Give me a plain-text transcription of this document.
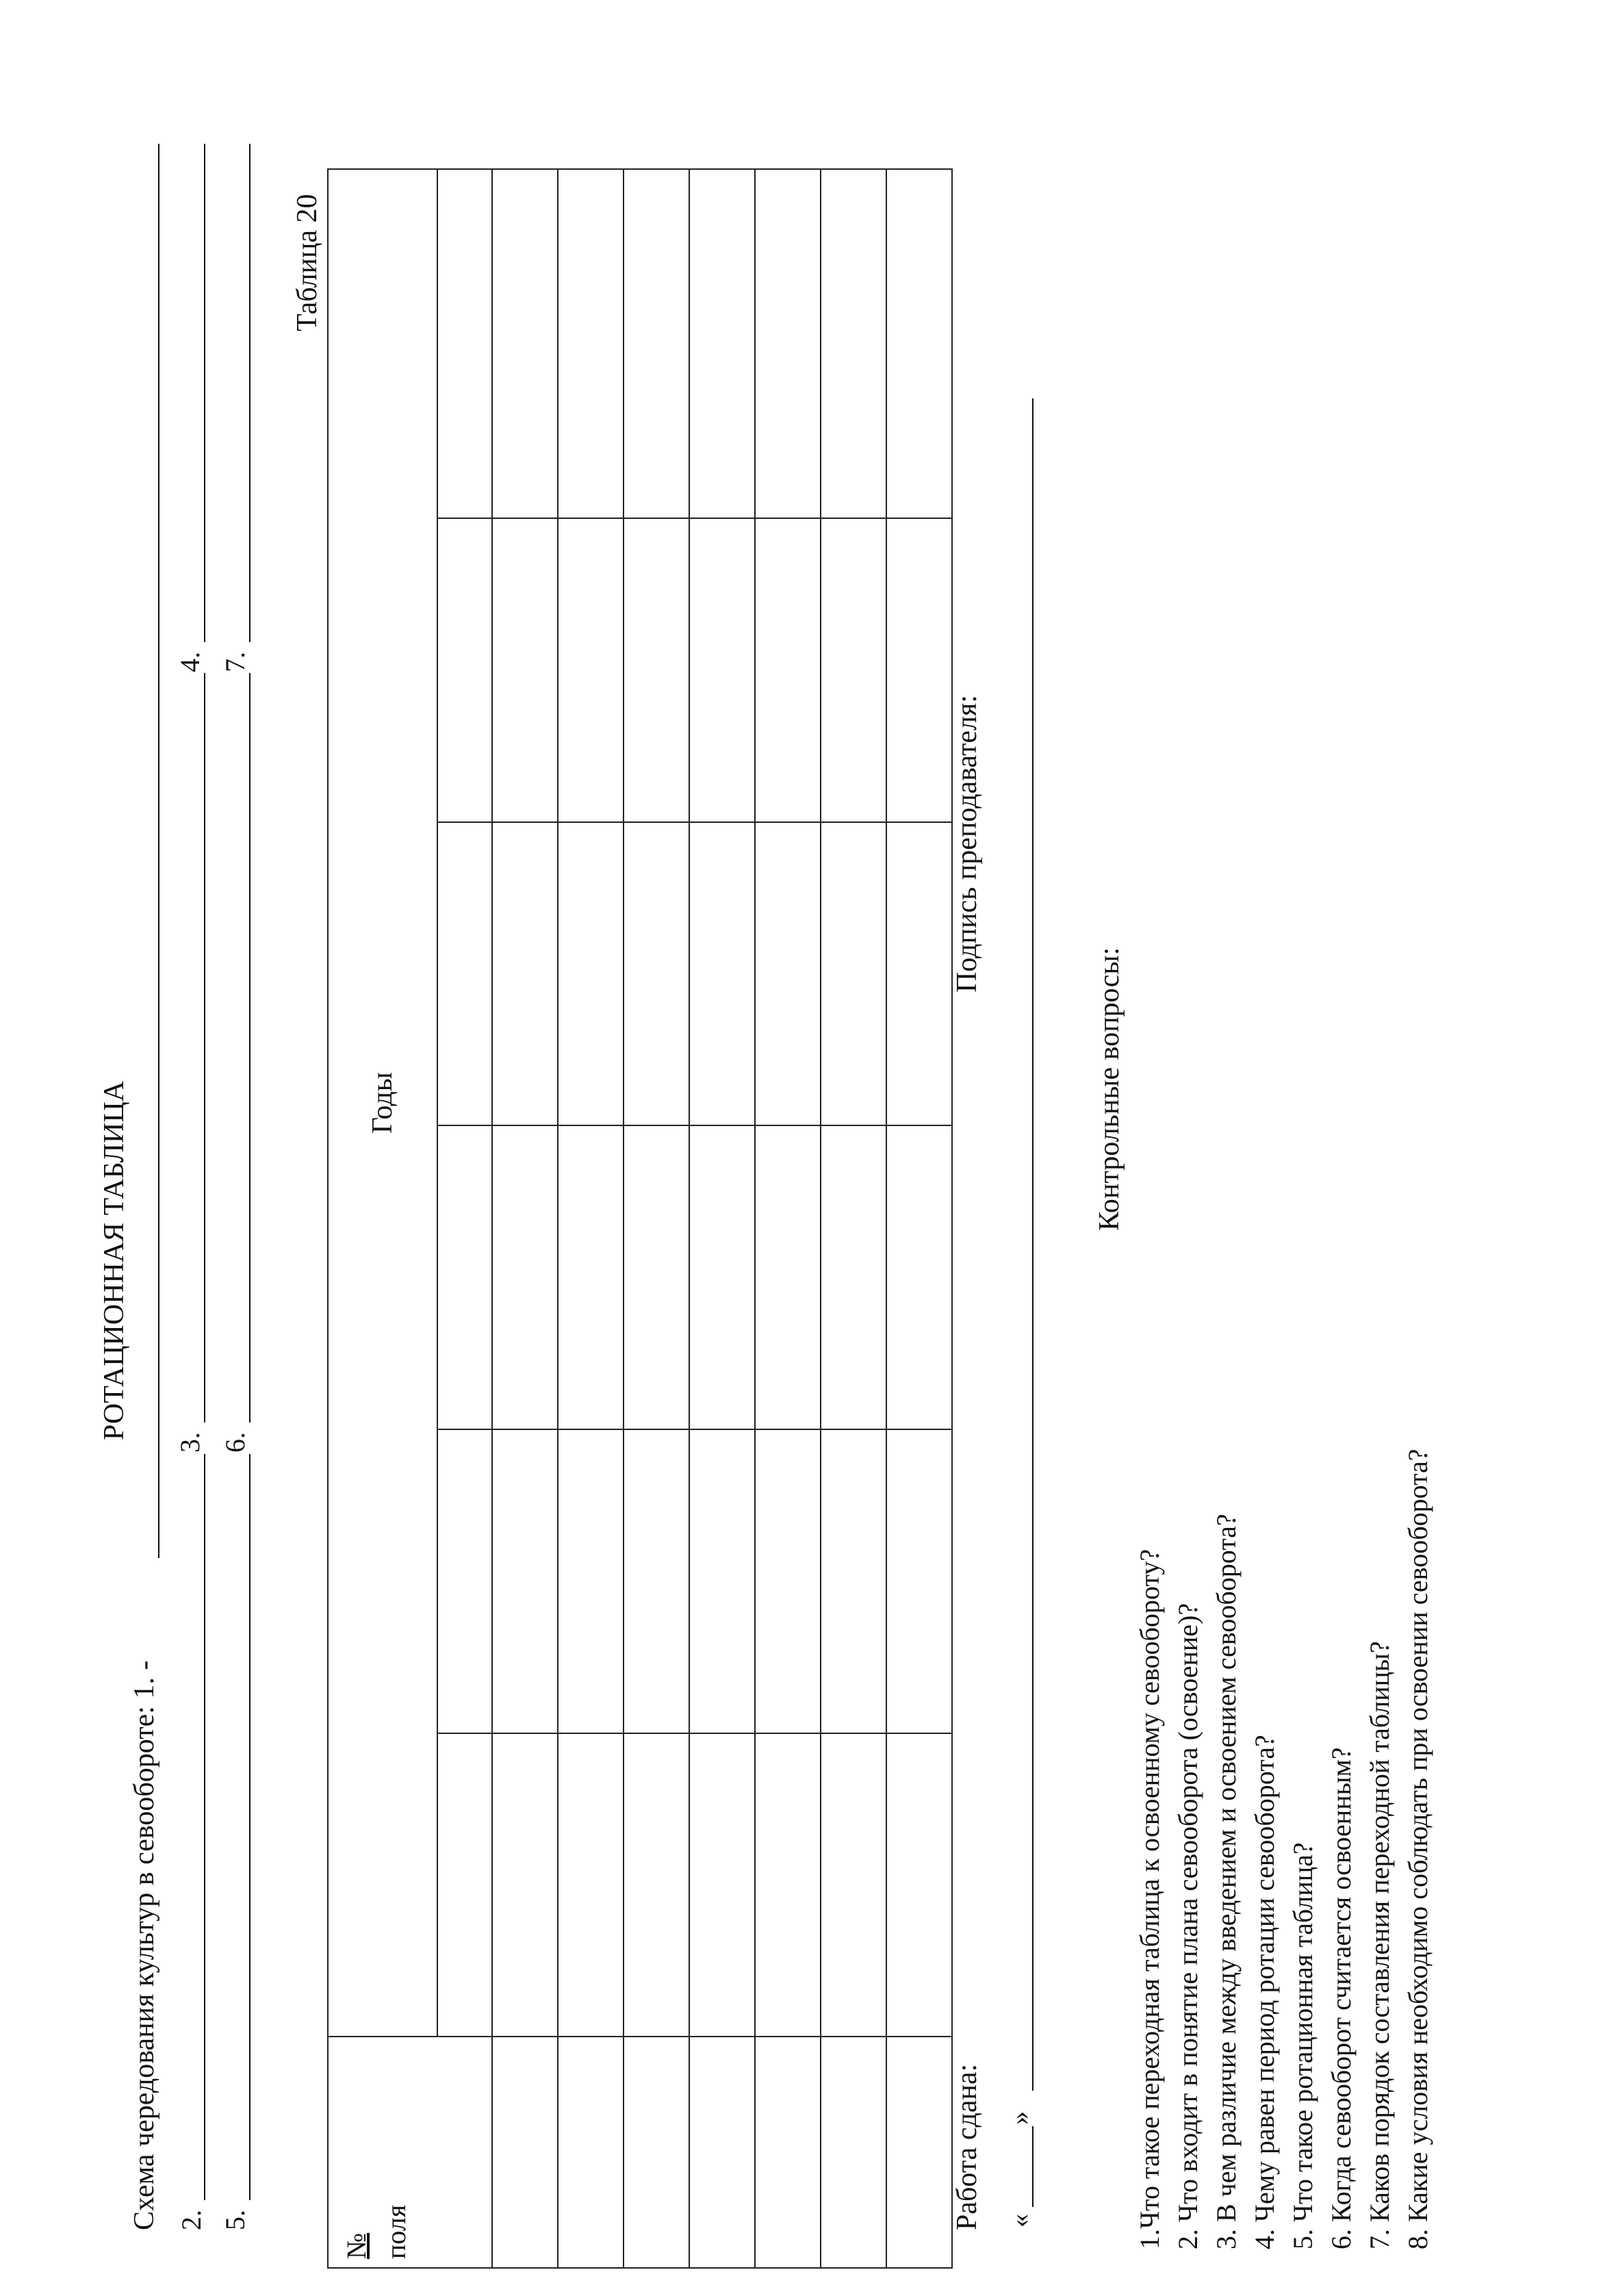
РОТАЦИОННАЯ ТАБЛИЦА
Схема чередования культур в севообороте: 1. - 2.
3.
4.
5.
6.
7.
Таблица 20
№ поля	Годы					

Работа сдана: «
»
Подпись преподавателя:
Контрольные вопросы:
1.Что такое переходная таблица к освоенному севообороту? 2. Что входит в понятие плана севооборота (освоение)? 3. В чем различие между введением и освоением севооборота? 4. Чему равен период ротации севооборота? 5. Что такое ротационная таблица? 6. Когда севооборот считается освоенным? 7. Каков порядок составления переходной таблицы? 8. Какие условия необходимо соблюдать при освоении севооборота?
